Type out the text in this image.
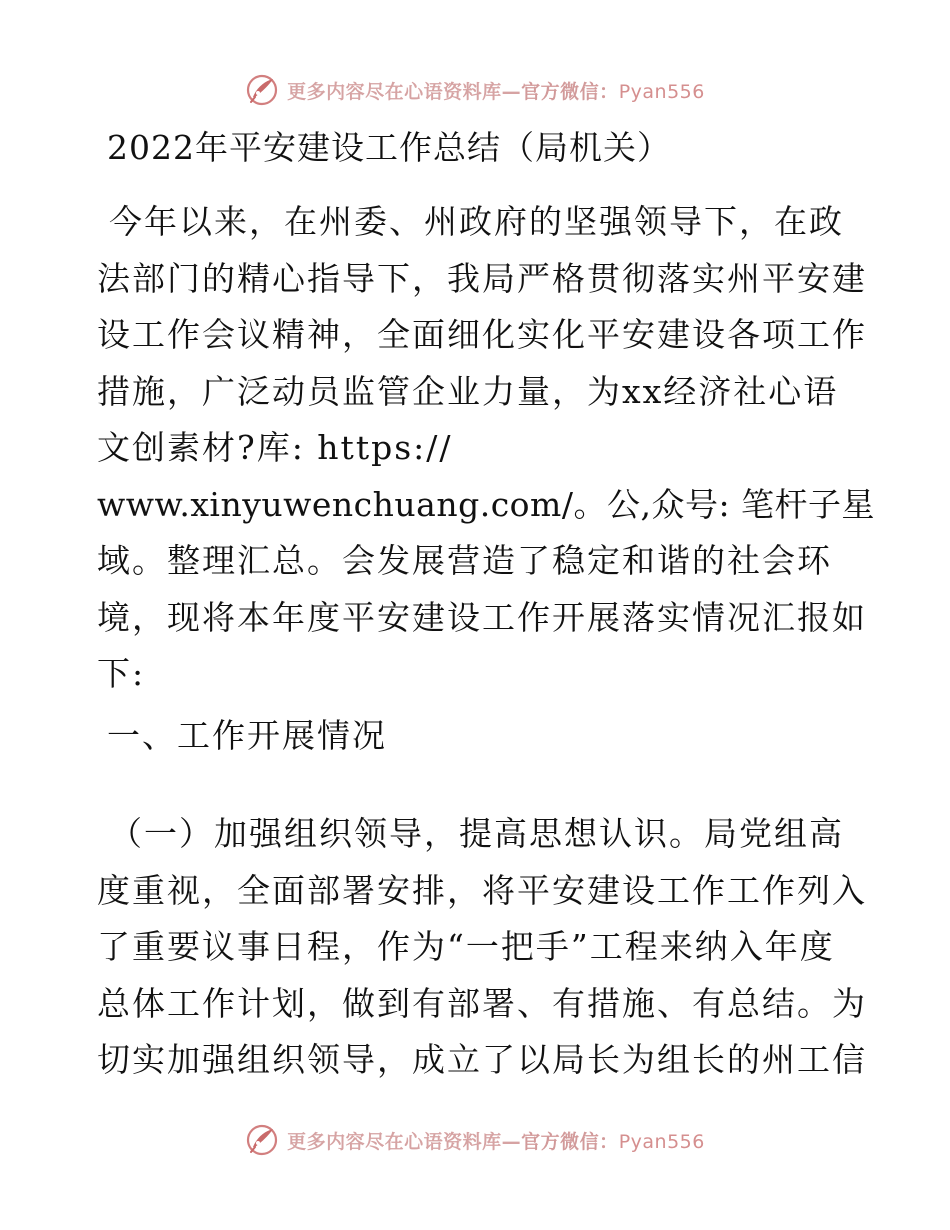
更多内容尽在心语资料库—官方微信：Pyan556
2022年平安建设工作总结（局机关）
今年以来，在州委、州政府的坚强领导下，在政
法部门的精心指导下，我局严格贯彻落实州平安建
设工作会议精神，全面细化实化平安建设各项工作
措施，广泛动员监管企业力量，为xx经济社心语
文创素材?库: https://
www.xinyuwenchuang.com/。公,众号: 笔杆子星
域。整理汇总。会发展营造了稳定和谐的社会环
境，现将本年度平安建设工作开展落实情况汇报如
下:
一、工作开展情况
（一）加强组织领导，提高思想认识。局党组高
度重视，全面部署安排，将平安建设工作工作列入
了重要议事日程，作为“一把手”工程来纳入年度
总体工作计划，做到有部署、有措施、有总结。为
切实加强组织领导，成立了以局长为组长的州工信
更多内容尽在心语资料库—官方微信：Pyan556
